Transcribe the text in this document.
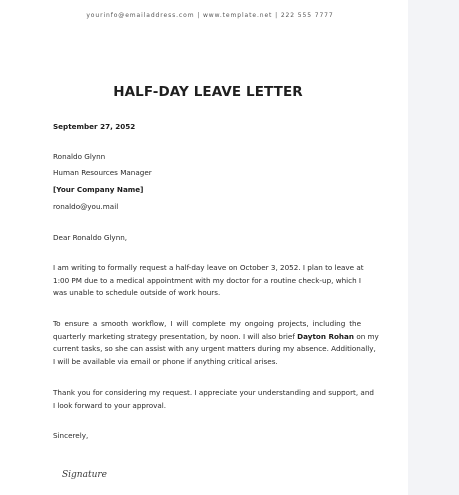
yourinfo@emailaddress.com | www.template.net | 222 555 7777
HALF-DAY LEAVE LETTER
September 27, 2052
Ronaldo Glynn
Human Resources Manager
[Your Company Name]
ronaldo@you.mail
Dear Ronaldo Glynn,
I am writing to formally request a half-day leave on October 3, 2052. I plan to leave at
1:00 PM due to a medical appointment with my doctor for a routine check-up, which I
was unable to schedule outside of work hours.
To ensure a smooth workflow, I will complete my ongoing projects, including the
quarterly marketing strategy presentation, by noon. I will also brief Dayton Rohan on my
current tasks, so she can assist with any urgent matters during my absence. Additionally,
I will be available via email or phone if anything critical arises.
Thank you for considering my request. I appreciate your understanding and support, and
I look forward to your approval.
Sincerely,
Signature
